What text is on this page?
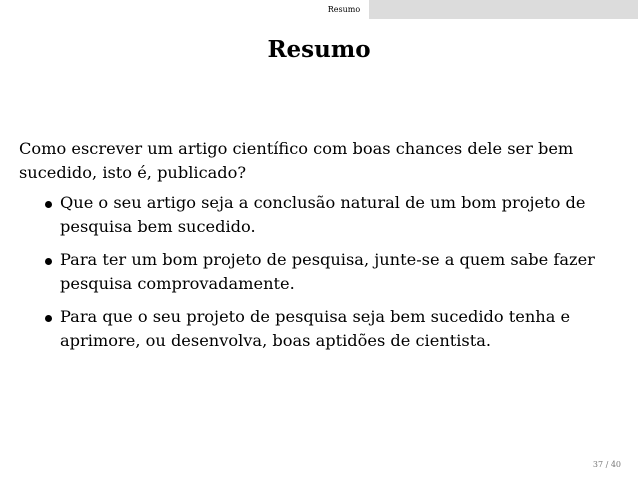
Resumo
Resumo

Como escrever um artigo científico com boas chances dele ser bem sucedido, isto é, publicado?

Que o seu artigo seja a conclusão natural de um bom projeto de pesquisa bem sucedido.
Para ter um bom projeto de pesquisa, junte-se a quem sabe fazer pesquisa comprovadamente.
Para que o seu projeto de pesquisa seja bem sucedido tenha e aprimore, ou desenvolva, boas aptidões de cientista.
37 / 40
